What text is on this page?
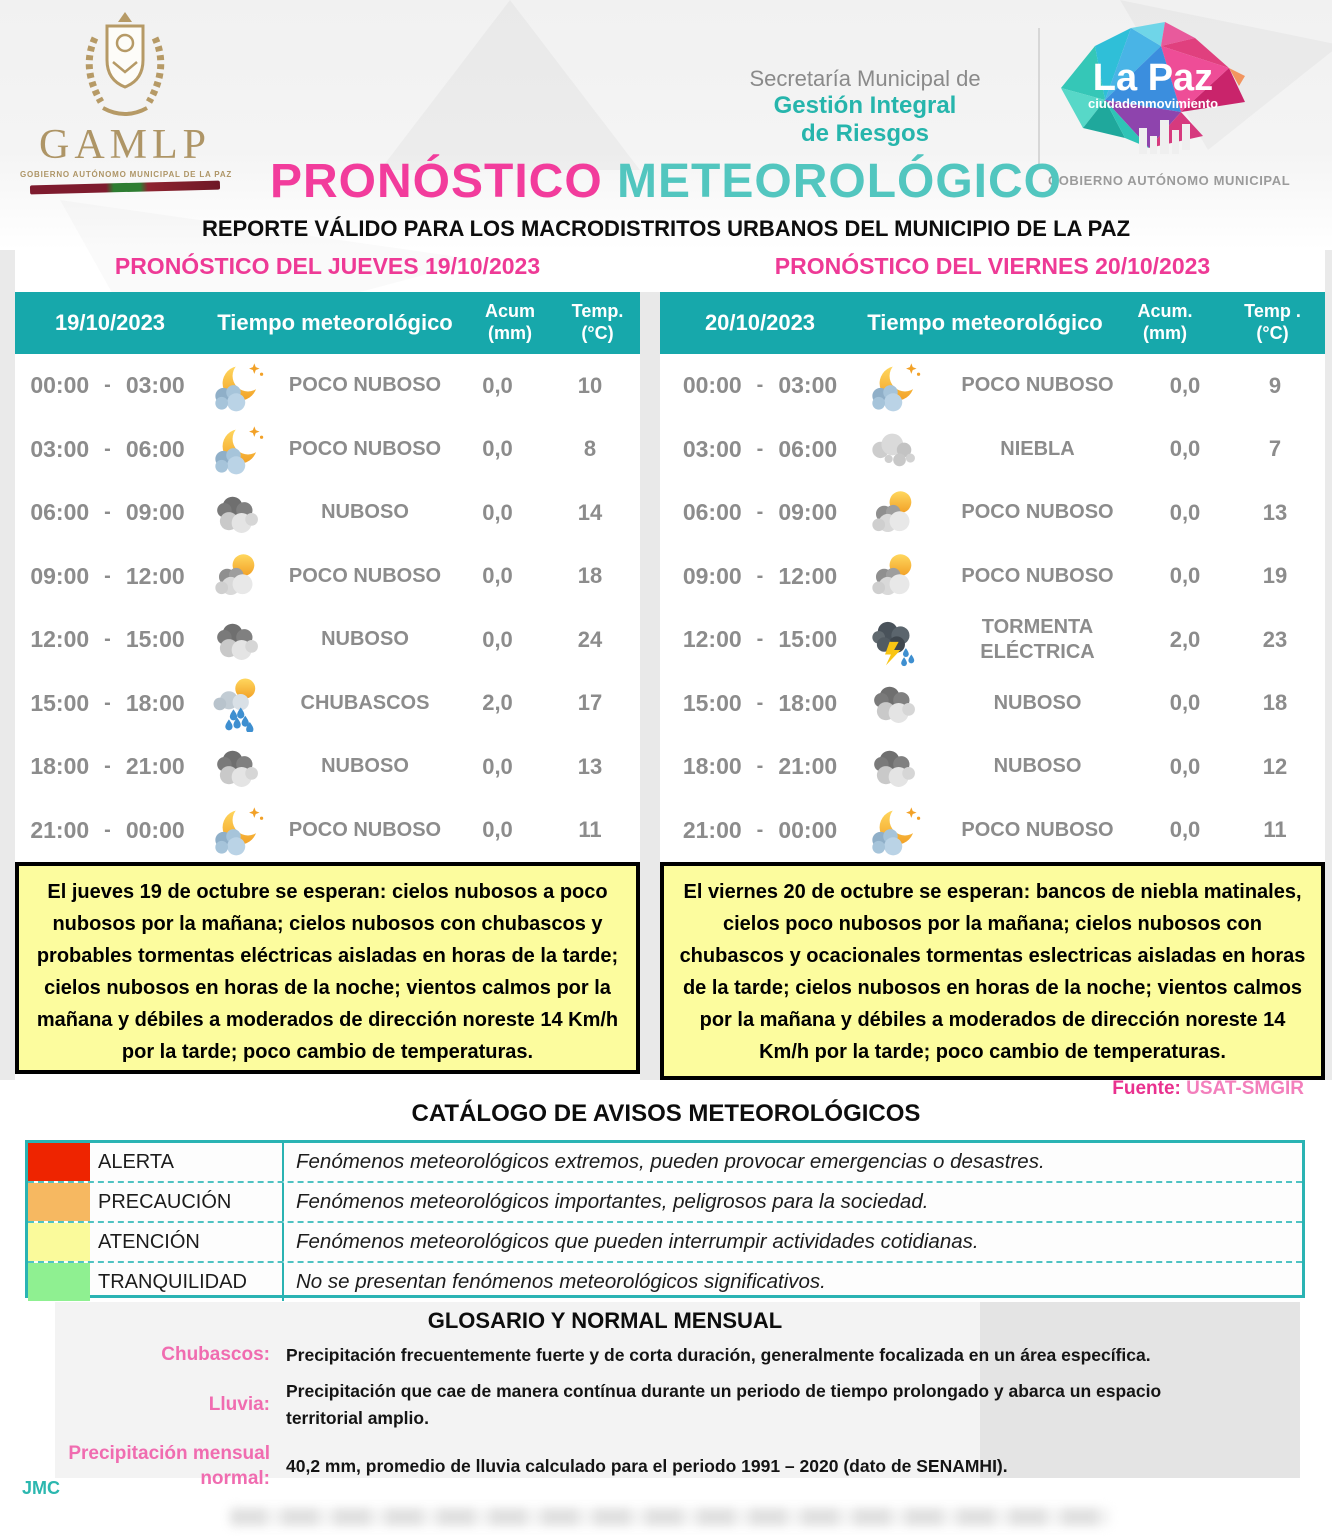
GAMLP
GOBIERNO AUTÓNOMO MUNICIPAL DE LA PAZ
Secretaría Municipal de
Gestión Integral
de Riesgos
La Paz
ciudadenmovimiento
GOBIERNO AUTÓNOMO MUNICIPAL
PRONÓSTICO METEOROLÓGICO
REPORTE VÁLIDO PARA LOS MACRODISTRITOS URBANOS DEL MUNICIPIO DE LA PAZ
PRONÓSTICO DEL JUEVES 19/10/2023	PRONÓSTICO DEL VIERNES 20/10/2023
19/10/2023	Tiempo meteorológico	Acum
(mm)
Temp.
(°C)
00:00 - 03:00	POCO NUBOSO	0,0	10
03:00 - 06:00	POCO NUBOSO	0,0	8
06:00 - 09:00	NUBOSO	0,0	14
09:00 - 12:00	POCO NUBOSO	0,0	18
12:00 - 15:00	NUBOSO	0,0	24
15:00 - 18:00	CHUBASCOS	2,0	17
18:00 - 21:00	NUBOSO	0,0	13
21:00 - 00:00	POCO NUBOSO	0,0	11
20/10/2023	Tiempo meteorológico	Acum.
(mm)
Temp .
(°C)
00:00 - 03:00	POCO NUBOSO	0,0	9
03:00 - 06:00	NIEBLA	0,0	7
06:00 - 09:00	POCO NUBOSO	0,0	13
09:00 - 12:00	POCO NUBOSO	0,0	19
12:00 - 15:00	TORMENTA ELÉCTRICA	2,0	23
15:00 - 18:00	NUBOSO	0,0	18
18:00 - 21:00	NUBOSO	0,0	12
21:00 - 00:00	POCO NUBOSO	0,0	11
El jueves 19 de octubre se esperan: cielos nubosos a poco nubosos por la mañana; cielos nubosos con chubascos y probables tormentas eléctricas aisladas en horas de la tarde; cielos nubosos en horas de la noche; vientos calmos por la mañana y débiles a moderados de dirección noreste 14 Km/h por la tarde; poco cambio de temperaturas.
El viernes 20 de octubre se esperan: bancos de niebla matinales, cielos poco nubosos por la mañana; cielos nubosos con chubascos y ocacionales tormentas eslectricas aisladas en horas de la tarde; cielos nubosos en horas de la noche; vientos calmos por la mañana y débiles a moderados de dirección noreste 14 Km/h por la tarde; poco cambio de temperaturas.
Fuente: USAT-SMGIR
CATÁLOGO DE AVISOS METEOROLÓGICOS
ALERTA	Fenómenos meteorológicos extremos, pueden provocar emergencias o desastres.
PRECAUCIÓN	Fenómenos meteorológicos importantes, peligrosos para la sociedad.
ATENCIÓN	Fenómenos meteorológicos que pueden interrumpir actividades cotidianas.
TRANQUILIDAD	No se presentan fenómenos meteorológicos significativos.
GLOSARIO Y NORMAL MENSUAL
Chubascos: Precipitación frecuentemente fuerte y de corta duración, generalmente focalizada en un área específica.
Lluvia:
Precipitación que cae de manera contínua durante un periodo de tiempo prolongado y abarca un espacio territorial amplio.
Precipitación mensual normal:
40,2 mm, promedio de lluvia calculado para el periodo 1991 – 2020 (dato de SENAMHI).
JMC
